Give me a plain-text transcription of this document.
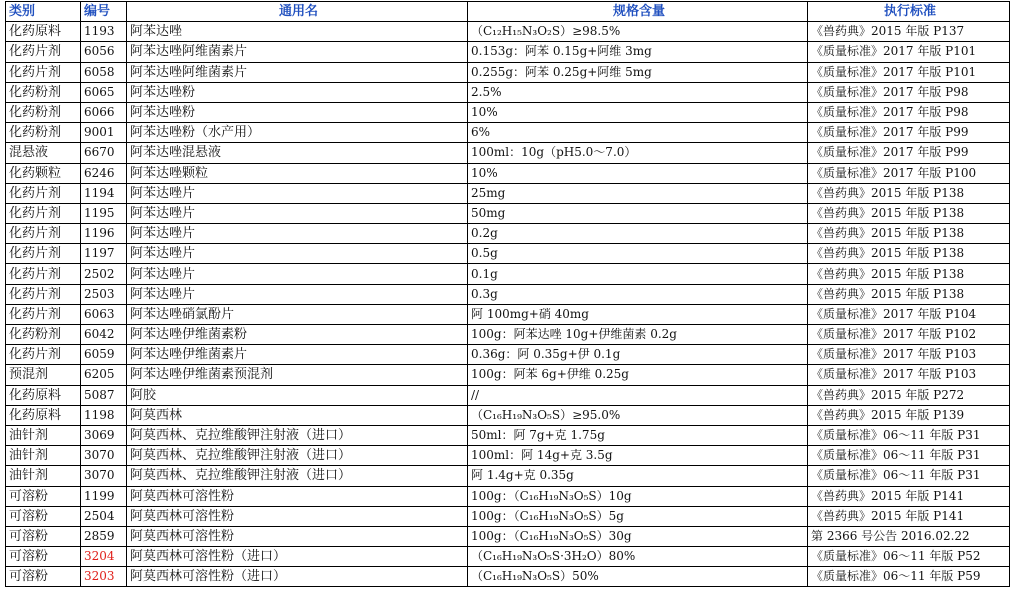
类别	编号	通用名	规格含量	执行标准
化药原料	1193	阿苯达唑	（C₁₂H₁₅N₃O₂S）≥98.5%	《兽药典》2015 年版 P137
化药片剂	6056	阿苯达唑阿维菌素片	0.153g：阿苯 0.15g+阿维 3mg	《质量标准》2017 年版 P101
化药片剂	6058	阿苯达唑阿维菌素片	0.255g：阿苯 0.25g+阿维 5mg	《质量标准》2017 年版 P101
化药粉剂	6065	阿苯达唑粉	2.5%	《质量标准》2017 年版 P98
化药粉剂	6066	阿苯达唑粉	10%	《质量标准》2017 年版 P98
化药粉剂	9001	阿苯达唑粉（水产用）	6%	《质量标准》2017 年版 P99
混悬液	6670	阿苯达唑混悬液	100ml：10g（pH5.0～7.0）	《质量标准》2017 年版 P99
化药颗粒	6246	阿苯达唑颗粒	10%	《质量标准》2017 年版 P100
化药片剂	1194	阿苯达唑片	25mg	《兽药典》2015 年版 P138
化药片剂	1195	阿苯达唑片	50mg	《兽药典》2015 年版 P138
化药片剂	1196	阿苯达唑片	0.2g	《兽药典》2015 年版 P138
化药片剂	1197	阿苯达唑片	0.5g	《兽药典》2015 年版 P138
化药片剂	2502	阿苯达唑片	0.1g	《兽药典》2015 年版 P138
化药片剂	2503	阿苯达唑片	0.3g	《兽药典》2015 年版 P138
化药片剂	6063	阿苯达唑硝氯酚片	阿 100mg+硝 40mg	《质量标准》2017 年版 P104
化药粉剂	6042	阿苯达唑伊维菌素粉	100g：阿苯达唑 10g+伊维菌素 0.2g	《质量标准》2017 年版 P102
化药片剂	6059	阿苯达唑伊维菌素片	0.36g：阿 0.35g+伊 0.1g	《质量标准》2017 年版 P103
预混剂	6205	阿苯达唑伊维菌素预混剂	100g：阿苯 6g+伊维 0.25g	《质量标准》2017 年版 P103
化药原料	5087	阿胶	//	《兽药典》2015 年版 P272
化药原料	1198	阿莫西林	（C₁₆H₁₉N₃O₅S）≥95.0%	《兽药典》2015 年版 P139
油针剂	3069	阿莫西林、克拉维酸钾注射液（进口）	50ml：阿 7g+克 1.75g	《质量标准》06～11 年版 P31
油针剂	3070	阿莫西林、克拉维酸钾注射液（进口）	100ml：阿 14g+克 3.5g	《质量标准》06～11 年版 P31
油针剂	3070	阿莫西林、克拉维酸钾注射液（进口）	阿 1.4g+克 0.35g	《质量标准》06～11 年版 P31
可溶粉	1199	阿莫西林可溶性粉	100g：（C₁₆H₁₉N₃O₅S）10g	《兽药典》2015 年版 P141
可溶粉	2504	阿莫西林可溶性粉	100g：（C₁₆H₁₉N₃O₅S）5g	《兽药典》2015 年版 P141
可溶粉	2859	阿莫西林可溶性粉	100g：（C₁₆H₁₉N₃O₅S）30g	第 2366 号公告 2016.02.22
可溶粉	3204	阿莫西林可溶性粉（进口）	（C₁₆H₁₉N₃O₅S·3H₂O）80%	《质量标准》06～11 年版 P52
可溶粉	3203	阿莫西林可溶性粉（进口）	（C₁₆H₁₉N₃O₅S）50%	《质量标准》06～11 年版 P59
